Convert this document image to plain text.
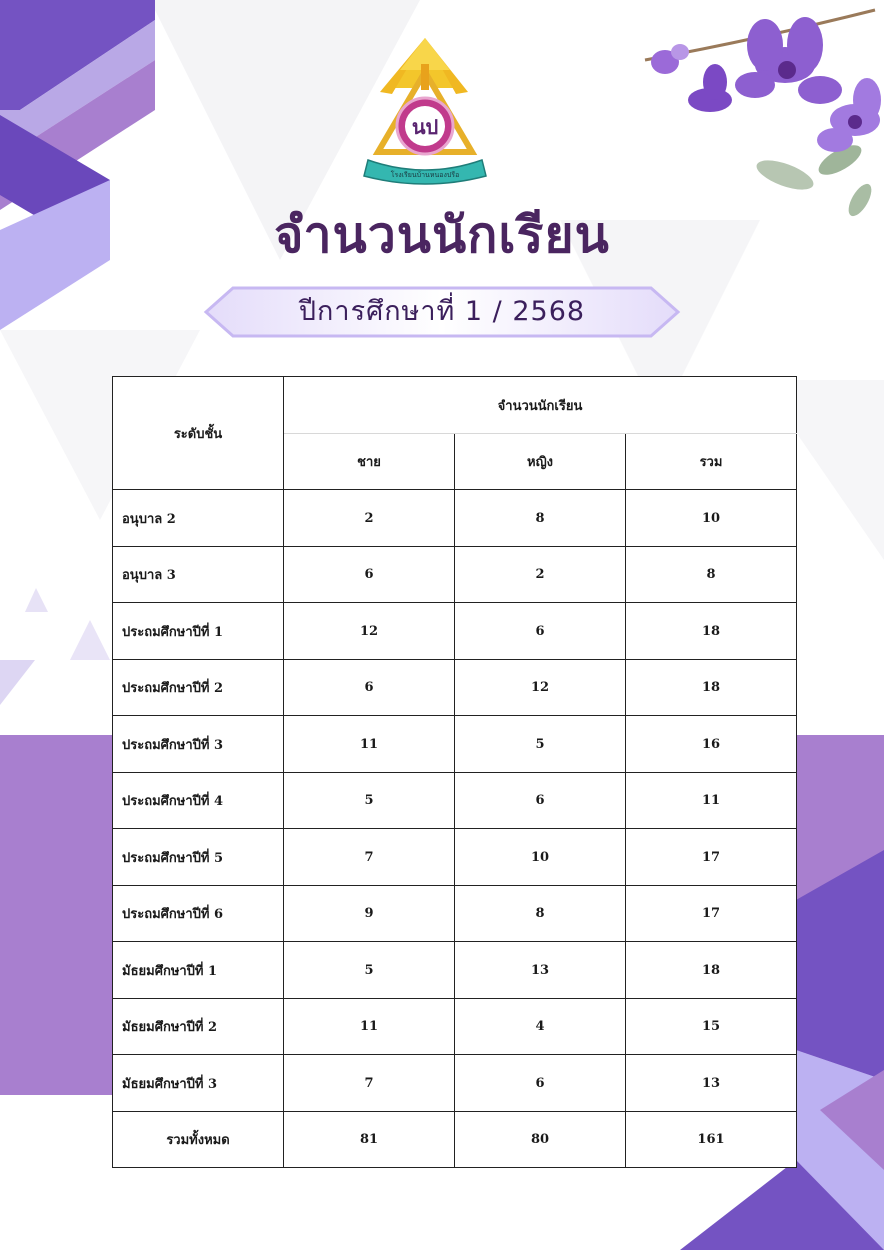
นป
โรงเรียนบ้านหนองปรือ
จำนวนนักเรียน
ปีการศึกษาที่ 1 / 2568
ระดับชั้น	จำนวนนักเรียน		
	ชาย	หญิง	รวม
อนุบาล 2	2	8	10
อนุบาล 3	6	2	8
ประถมศึกษาปีที่ 1	12	6	18
ประถมศึกษาปีที่ 2	6	12	18
ประถมศึกษาปีที่ 3	11	5	16
ประถมศึกษาปีที่ 4	5	6	11
ประถมศึกษาปีที่ 5	7	10	17
ประถมศึกษาปีที่ 6	9	8	17
มัธยมศึกษาปีที่ 1	5	13	18
มัธยมศึกษาปีที่ 2	11	4	15
มัธยมศึกษาปีที่ 3	7	6	13
รวมทั้งหมด	81	80	161
